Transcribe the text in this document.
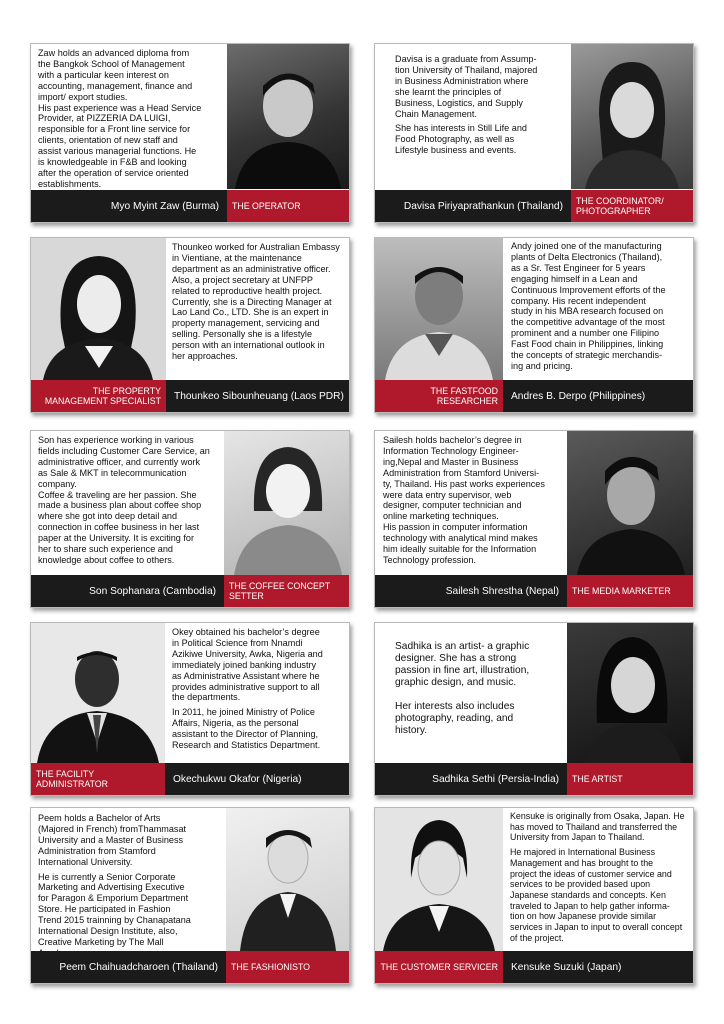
Zaw holds an advanced diploma from
the Bangkok School of Management
with a particular keen interest on
accounting, management, finance and
import/ export studies.
His past experience was a Head Service
Provider, at PIZZERIA DA LUIGI,
responsible for a Front line service for
clients, orientation of new staff and
assist various managerial functions. He
is knowledgeable in F&B and looking
after the operation of service oriented
establishments.

Myo Myint Zaw (Burma)	THE OPERATOR

Davisa is a graduate from Assump-
tion University of Thailand, majored
in Business Administration where
she learnt the principles of
Business, Logistics, and Supply
Chain Management.

She has interests in Still Life and
Food Photography, as well as
Lifestyle business and events.

Davisa Piriyaprathankun (Thailand)	THE COORDINATOR/ PHOTOGRAPHER

Thounkeo worked for Australian Embassy
in Vientiane, at the maintenance
department as an administrative officer.
Also, a project secretary at UNFPP
related to reproductive health project.
Currently, she is a Directing Manager at
Lao Land Co., LTD. She is an expert in
property management, servicing and
selling. Personally she is a lifestyle
person with an international outlook in
her approaches.

THE PROPERTY MANAGEMENT SPECIALIST	Thounkeo Sibounheuang (Laos PDR)

Andy joined one of the manufacturing
plants of Delta Electronics (Thailand),
as a Sr. Test Engineer for 5 years
engaging himself in a Lean and
Continuous Improvement efforts of the
company. His recent independent
study in his MBA research focused on
the competitive advantage of the most
prominent and a number one Filipino
Fast Food chain in Philippines, linking
the concepts of strategic merchandis-
ing and pricing.

THE FASTFOOD RESEARCHER	Andres B. Derpo (Philippines)

Son has experience working in various
fields including Customer Care Service, an
administrative officer, and currently work
as Sale & MKT in telecommunication
company.
Coffee & traveling are her passion. She
made a business plan about coffee shop
where she got into deep detail and
connection in coffee business in her last
paper at the University. It is exciting for
her to share such experience and
knowledge about coffee to others.

Son Sophanara (Cambodia)	THE COFFEE CONCEPT SETTER

Sailesh holds bachelor’s degree in
Information Technology Engineer-
ing,Nepal and Master in Business
Administration from Stamford Universi-
ty, Thailand. His past works experiences
were data entry supervisor, web
designer, computer technician and
online marketing techniques.
His passion in computer information
technology with analytical mind makes
him ideally suitable for the Information
Technology profession.

Sailesh Shrestha (Nepal)	THE MEDIA MARKETER

Okey obtained his bachelor’s degree
in Political Science from Nnamdi
Azikiwe University, Awka, Nigeria and
immediately joined banking industry
as Administrative Assistant where he
provides administrative support to all
the departments.

In 2011, he joined Ministry of Police
Affairs, Nigeria, as the personal
assistant to the Director of Planning,
Research and Statistics Department.

THE FACILITY ADMINISTRATOR	Okechukwu Okafor (Nigeria)

Sadhika is an artist- a graphic
designer. She has a strong
passion in fine art, illustration,
graphic design, and music.

Her interests also includes
photography, reading, and
history.

Sadhika Sethi (Persia-India)	THE ARTIST

Peem holds a Bachelor of Arts
(Majored in French) fromThammasat
University and a Master of Business
Administration from Stamford
International University.

He is currently a Senior Corporate
Marketing and Advertising Executive
for Paragon & Emporium Department
Store. He participated in Fashion
Trend 2015 trainning by Chanapatana
International Design Institute, also,
Creative Marketing by The Mall

Peem Chaihuadcharoen (Thailand)	THE FASHIONISTO

Kensuke is originally from Osaka, Japan. He
has moved to Thailand and transferred the
University from Japan to Thailand.

He majored in International Business
Management and has brought to the
project the ideas of customer service and
services to be provided based upon
Japanese standards and concepts. Ken
traveled to Japan to help gather informa-
tion on how Japanese provide similar
services in Japan to input to overall concept
of the project.

THE CUSTOMER SERVICER	Kensuke Suzuki (Japan)
